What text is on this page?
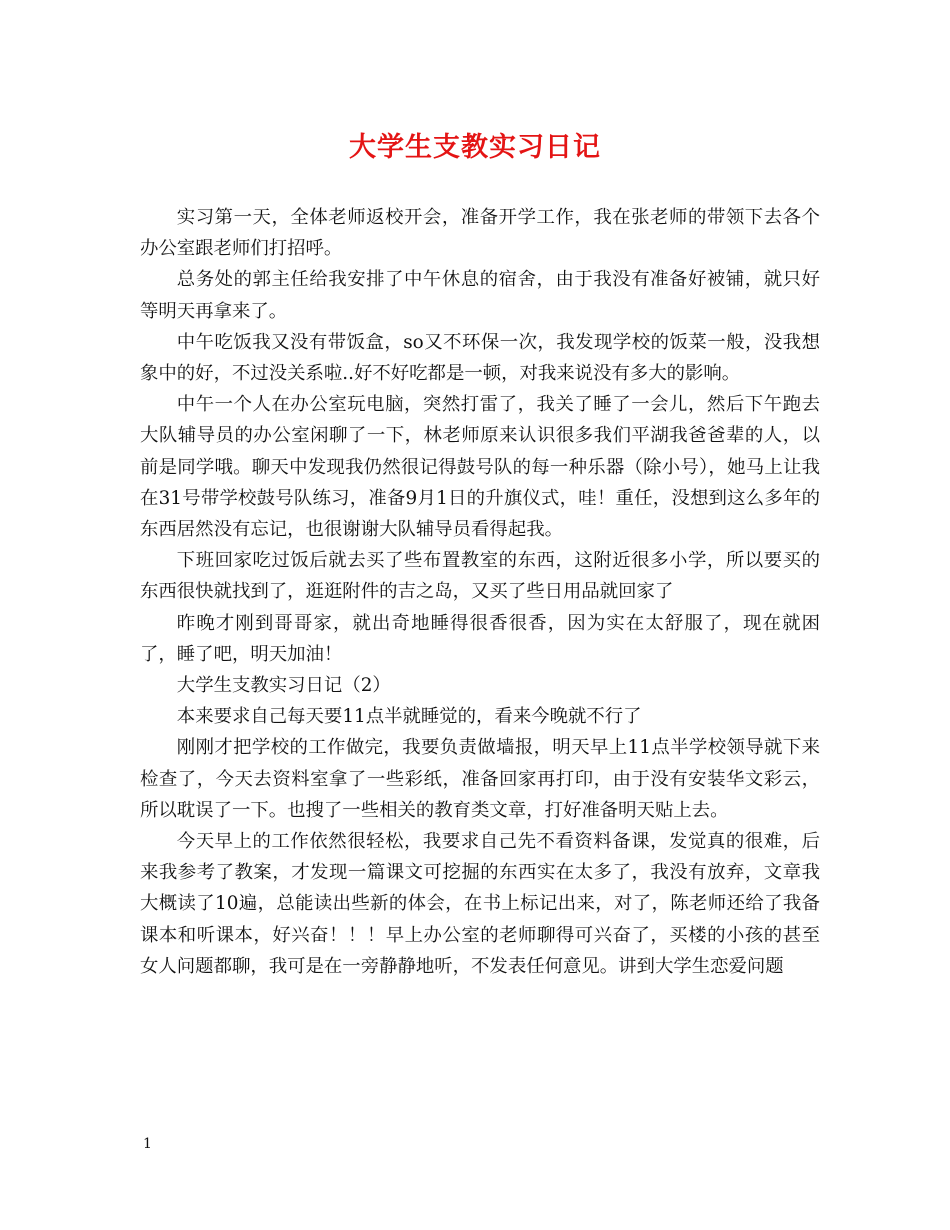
大学生支教实习日记

实习第一天，全体老师返校开会，准备开学工作，我在张老师的带领下去各个办公室跟老师们打招呼。

总务处的郭主任给我安排了中午休息的宿舍，由于我没有准备好被铺，就只好等明天再拿来了。

中午吃饭我又没有带饭盒，so又不环保一次，我发现学校的饭菜一般，没我想象中的好，不过没关系啦..好不好吃都是一顿，对我来说没有多大的影响。

中午一个人在办公室玩电脑，突然打雷了，我关了睡了一会儿，然后下午跑去大队辅导员的办公室闲聊了一下，林老师原来认识很多我们平湖我爸爸辈的人，以前是同学哦。聊天中发现我仍然很记得鼓号队的每一种乐器（除小号），她马上让我在31号带学校鼓号队练习，准备9月1日的升旗仪式，哇！重任，没想到这么多年的东西居然没有忘记，也很谢谢大队辅导员看得起我。

下班回家吃过饭后就去买了些布置教室的东西，这附近很多小学，所以要买的东西很快就找到了，逛逛附件的吉之岛，又买了些日用品就回家了

昨晚才刚到哥哥家，就出奇地睡得很香很香，因为实在太舒服了，现在就困了，睡了吧，明天加油！

大学生支教实习日记（2）

本来要求自己每天要11点半就睡觉的，看来今晚就不行了

刚刚才把学校的工作做完，我要负责做墙报，明天早上11点半学校领导就下来检查了，今天去资料室拿了一些彩纸，准备回家再打印，由于没有安装华文彩云，所以耽误了一下。也搜了一些相关的教育类文章，打好准备明天贴上去。

今天早上的工作依然很轻松，我要求自己先不看资料备课，发觉真的很难，后来我参考了教案，才发现一篇课文可挖掘的东西实在太多了，我没有放弃，文章我大概读了10遍，总能读出些新的体会，在书上标记出来，对了，陈老师还给了我备课本和听课本，好兴奋！！！早上办公室的老师聊得可兴奋了，买楼的小孩的甚至女人问题都聊，我可是在一旁静静地听，不发表任何意见。讲到大学生恋爱问题

1
